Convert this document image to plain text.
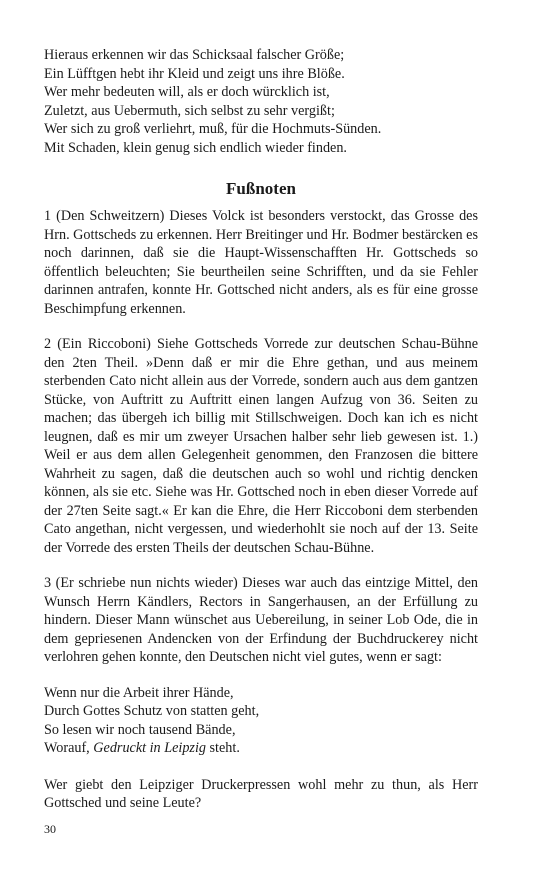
Hieraus erkennen wir das Schicksaal falscher Größe;

Ein Lüfftgen hebt ihr Kleid und zeigt uns ihre Blöße.

Wer mehr bedeuten will, als er doch würcklich ist,

Zuletzt, aus Uebermuth, sich selbst zu sehr vergißt;

Wer sich zu groß verliehrt, muß, für die Hochmuts-Sünden.

Mit Schaden, klein genug sich endlich wieder finden.

Fußnoten

1 (Den Schweitzern) Dieses Volck ist besonders verstockt, das Grosse des Hrn. Gottscheds zu erkennen. Herr Breitinger und Hr. Bodmer bestärcken es noch darinnen, daß sie die Haupt-Wissenschafften Hr. Gottscheds so öffentlich beleuchten; Sie beurtheilen seine Schrifften, und da sie Fehler darinnen antrafen, konnte Hr. Gottsched nicht anders, als es für eine grosse Beschimpfung erkennen.

2 (Ein Riccoboni) Siehe Gottscheds Vorrede zur deutschen Schau-Bühne den 2ten Theil. »Denn daß er mir die Ehre gethan, und aus meinem sterbenden Cato nicht allein aus der Vorrede, sondern auch aus dem gantzen Stücke, von Auftritt zu Auftritt einen langen Aufzug von 36. Seiten zu machen; das übergeh ich billig mit Stillschweigen. Doch kan ich es nicht leugnen, daß es mir um zweyer Ursachen halber sehr lieb gewesen ist. 1.) Weil er aus dem allen Gelegenheit genommen, den Franzosen die bittere Wahrheit zu sagen, daß die deutschen auch so wohl und richtig dencken können, als sie etc. Siehe was Hr. Gottsched noch in eben dieser Vorrede auf der 27ten Seite sagt.« Er kan die Ehre, die Herr Riccoboni dem sterbenden Cato angethan, nicht vergessen, und wiederhohlt sie noch auf der 13. Seite der Vorrede des ersten Theils der deutschen Schau-Bühne.

3 (Er schriebe nun nichts wieder) Dieses war auch das eintzige Mittel, den Wunsch Herrn Kändlers, Rectors in Sangerhausen, an der Erfüllung zu hindern. Dieser Mann wünschet aus Uebereilung, in seiner Lob Ode, die in dem gepriesenen Andencken von der Erfindung der Buchdruckerey nicht verlohren gehen konnte, den Deutschen nicht viel gutes, wenn er sagt:

Wenn nur die Arbeit ihrer Hände,

Durch Gottes Schutz von statten geht,

So lesen wir noch tausend Bände,

Worauf, Gedruckt in Leipzig steht.

Wer giebt den Leipziger Druckerpressen wohl mehr zu thun, als Herr Gottsched und seine Leute?

30
